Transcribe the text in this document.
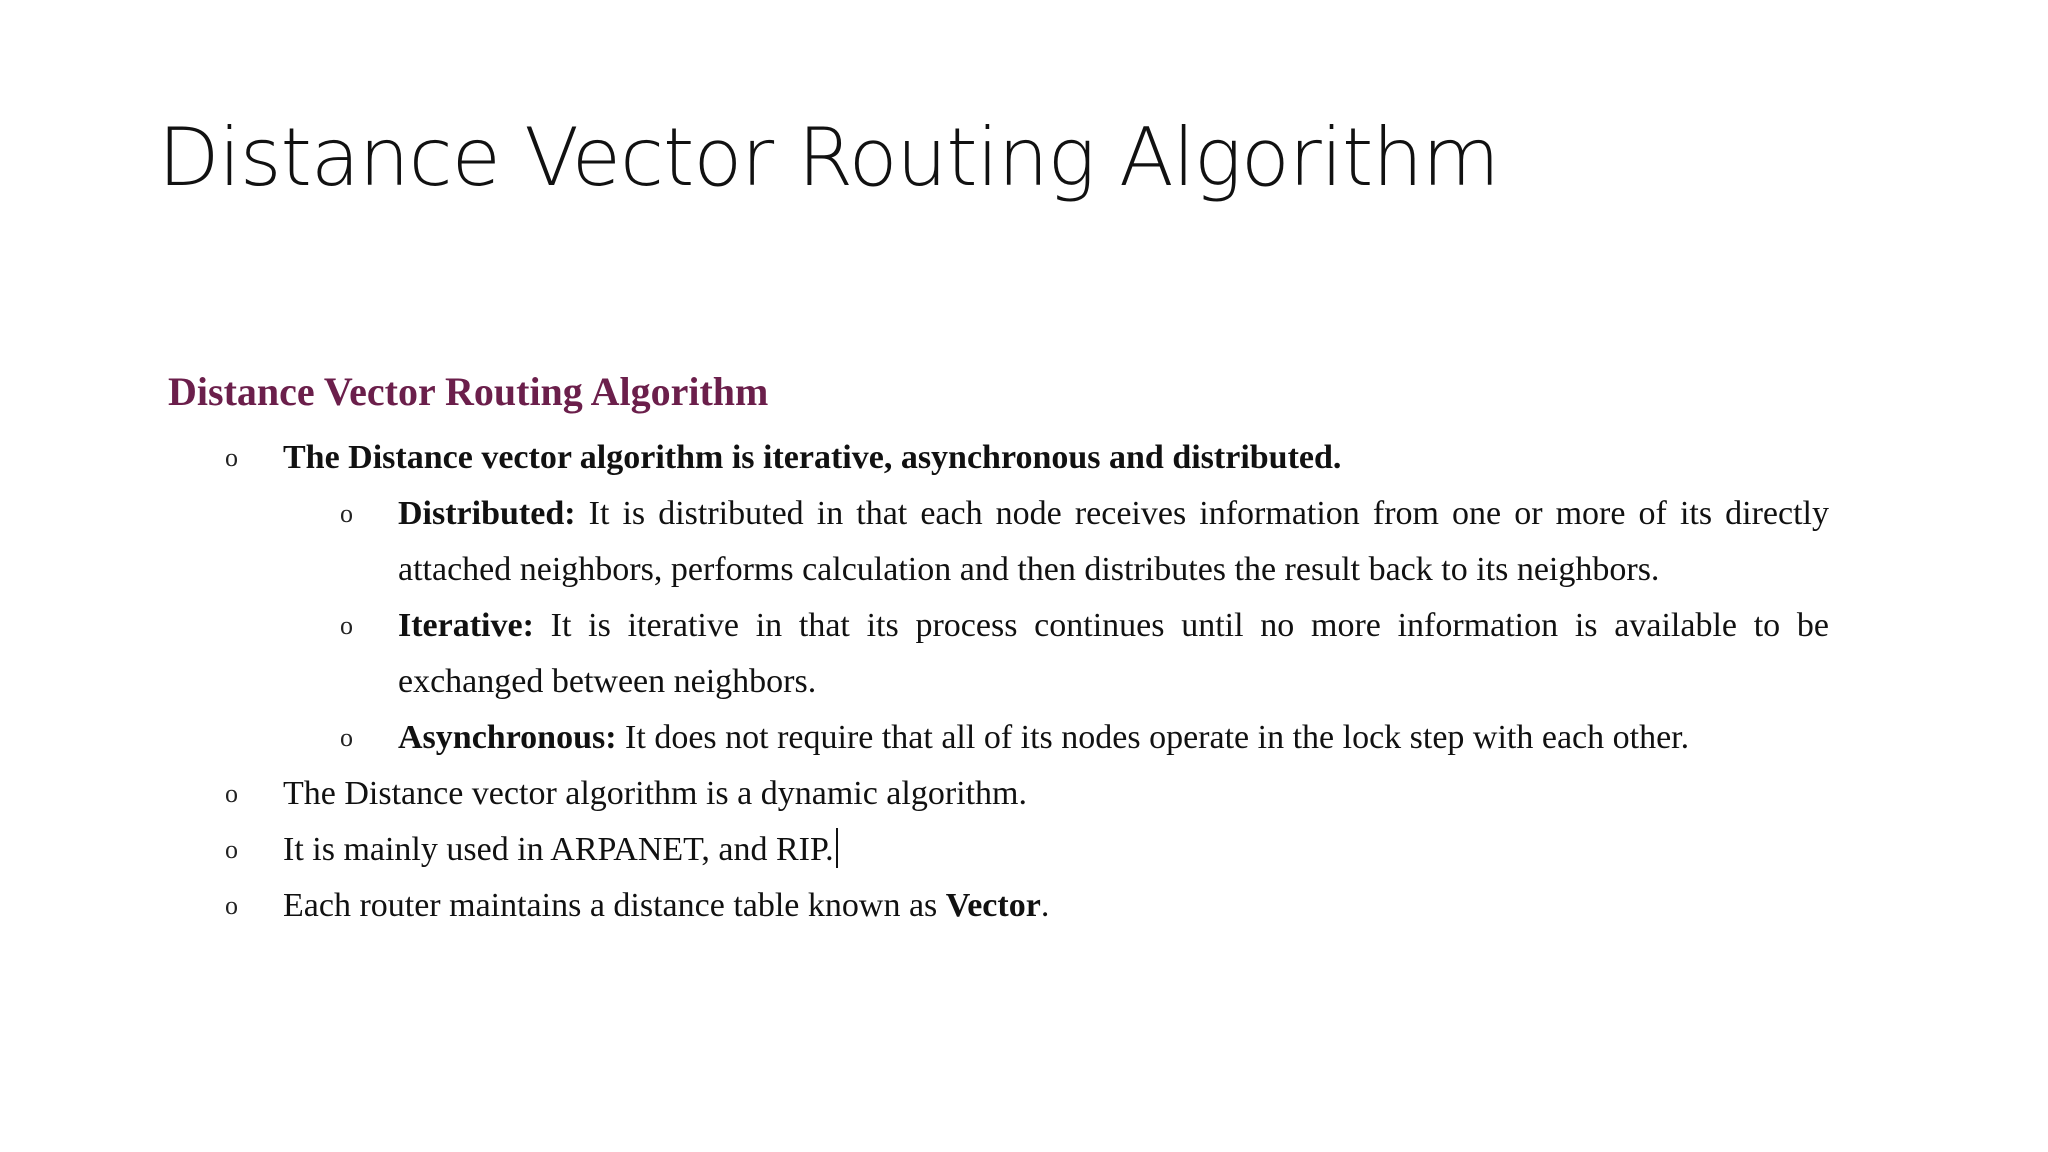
Distance Vector Routing Algorithm
Distance Vector Routing Algorithm
o The Distance vector algorithm is iterative, asynchronous and distributed.
o Distributed: It is distributed in that each node receives information from one or more of its directly attached neighbors, performs calculation and then distributes the result back to its neighbors.
o Iterative: It is iterative in that its process continues until no more information is available to be exchanged between neighbors.
o Asynchronous: It does not require that all of its nodes operate in the lock step with each other.
o The Distance vector algorithm is a dynamic algorithm.
o It is mainly used in ARPANET, and RIP.
o Each router maintains a distance table known as Vector.
